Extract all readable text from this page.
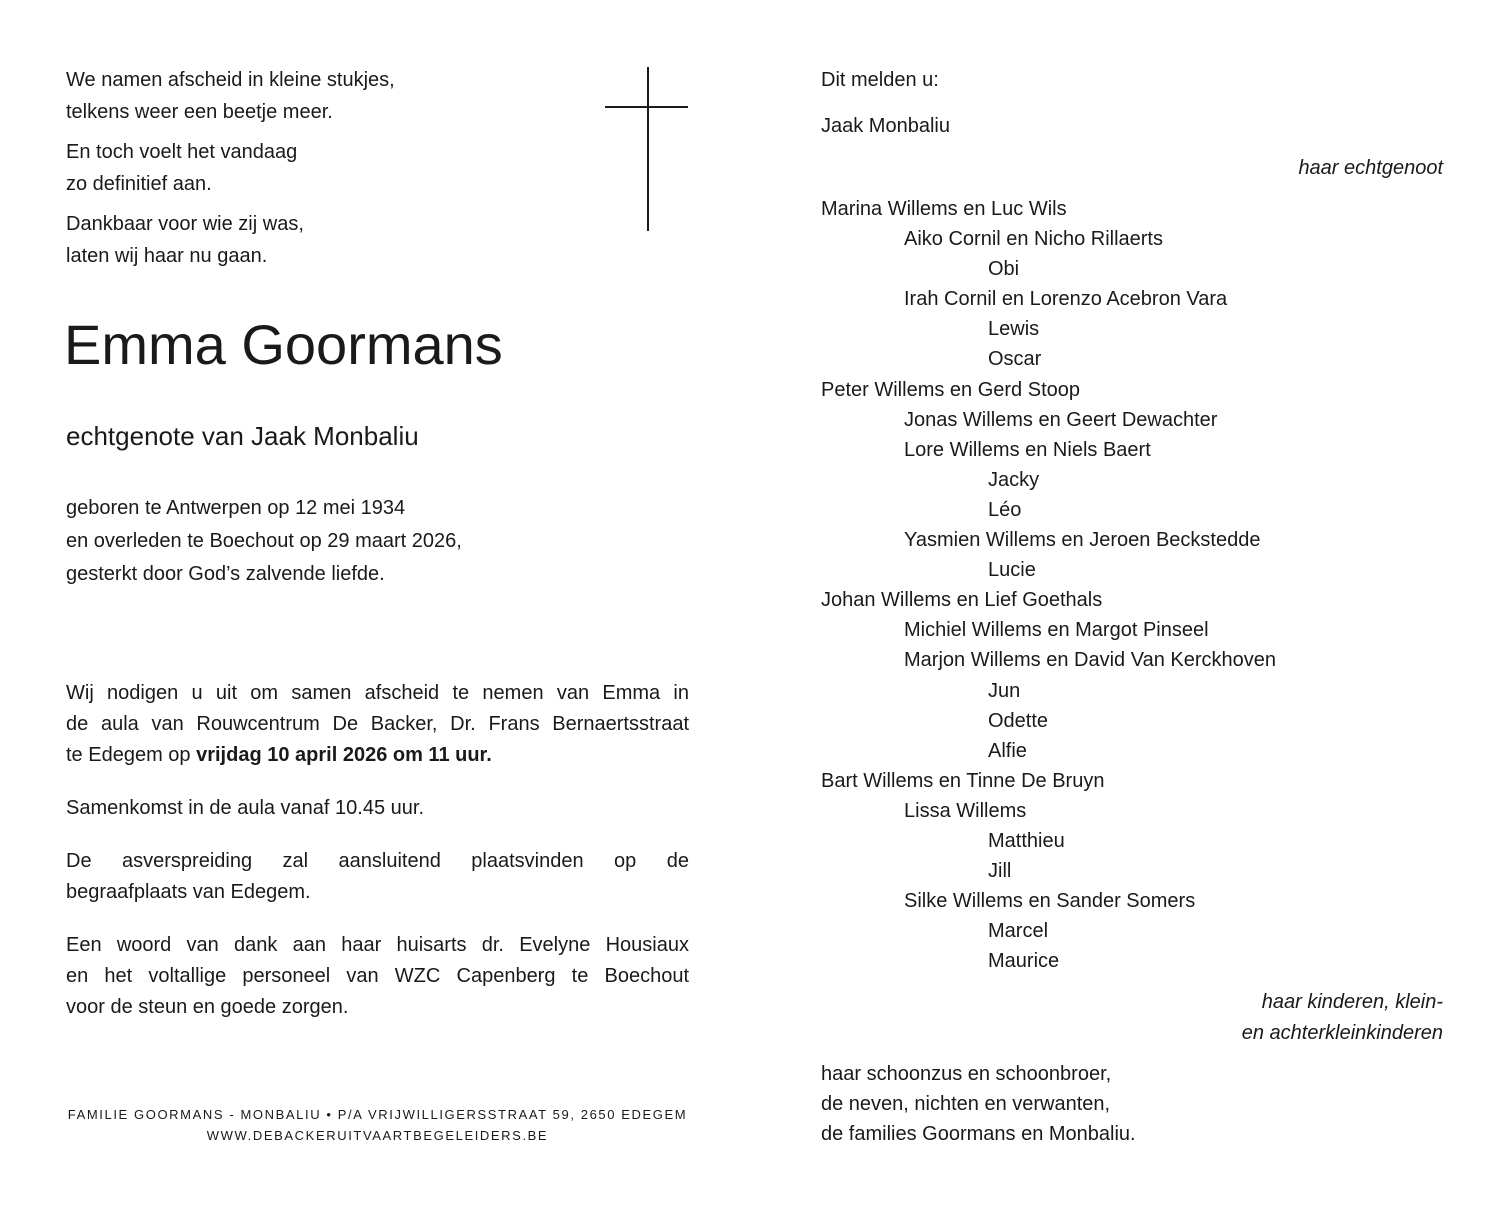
We namen afscheid in kleine stukjes,
telkens weer een beetje meer.
En toch voelt het vandaag
zo definitief aan.
Dankbaar voor wie zij was,
laten wij haar nu gaan.
Emma Goormans
echtgenote van Jaak Monbaliu
geboren te Antwerpen op 12 mei 1934
en overleden te Boechout op 29 maart 2026,
gesterkt door God’s zalvende liefde.

Wij nodigen u uit om samen afscheid te nemen van Emma in
de aula van Rouwcentrum De Backer, Dr. Frans Bernaertsstraat
te Edegem op vrijdag 10 april 2026 om 11 uur.

Samenkomst in de aula vanaf 10.45 uur.

De asverspreiding zal aansluitend plaatsvinden op de
begraafplaats van Edegem.

Een woord van dank aan haar huisarts dr. Evelyne Housiaux
en het voltallige personeel van WZC Capenberg te Boechout
voor de steun en goede zorgen.

FAMILIE GOORMANS - MONBALIU • P/A VRIJWILLIGERSSTRAAT 59, 2650 EDEGEM
WWW.DEBACKERUITVAARTBEGELEIDERS.BE
Dit melden u:
Jaak Monbaliu
haar echtgenoot
Marina Willems en Luc Wils
Aiko Cornil en Nicho Rillaerts
Obi
Irah Cornil en Lorenzo Acebron Vara
Lewis
Oscar
Peter Willems en Gerd Stoop
Jonas Willems en Geert Dewachter
Lore Willems en Niels Baert
Jacky
Léo
Yasmien Willems en Jeroen Beckstedde
Lucie
Johan Willems en Lief Goethals
Michiel Willems en Margot Pinseel
Marjon Willems en David Van Kerckhoven
Jun
Odette
Alfie
Bart Willems en Tinne De Bruyn
Lissa Willems
Matthieu
Jill
Silke Willems en Sander Somers
Marcel
Maurice
haar kinderen, klein-
en achterkleinkinderen
haar schoonzus en schoonbroer,
de neven, nichten en verwanten,
de families Goormans en Monbaliu.
